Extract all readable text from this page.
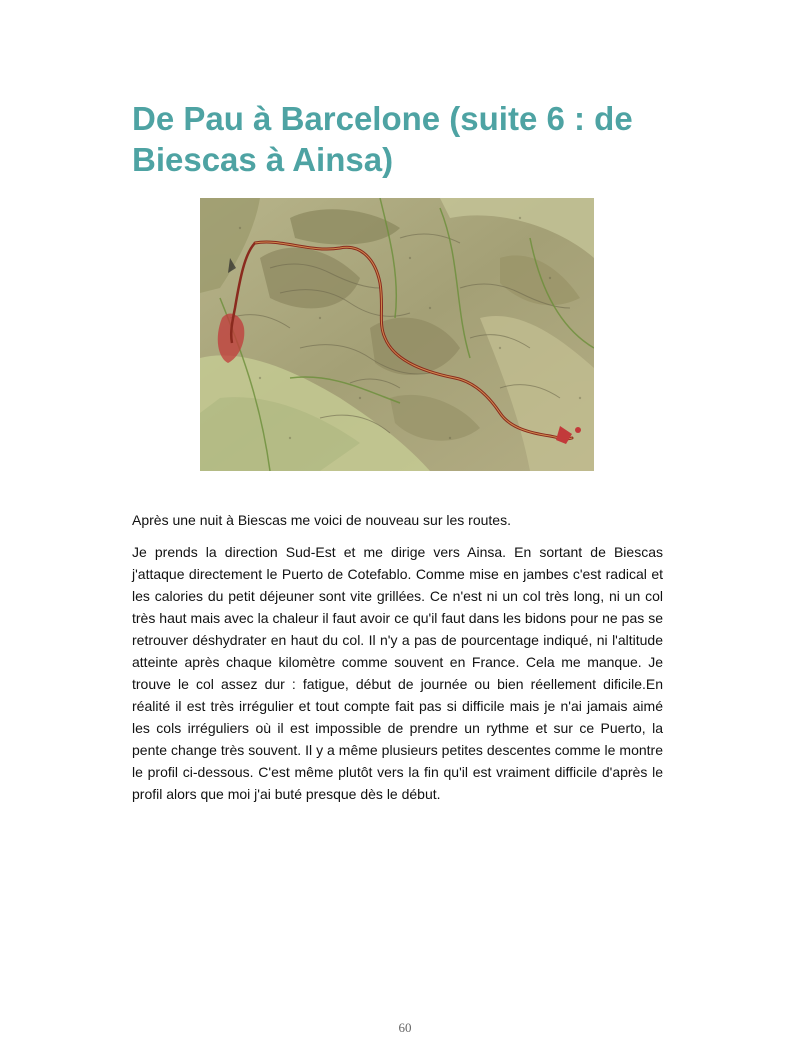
De Pau à Barcelone (suite 6 : de Biescas à Ainsa)

Après une nuit à Biescas me voici de nouveau sur les routes.

Je prends la direction Sud-Est et me dirige vers Ainsa. En sortant de Biescas j'attaque directement le Puerto de Cotefablo. Comme mise en jambes c'est radical et les calories du petit déjeuner sont vite grillées. Ce n'est ni un col très long, ni un col très haut mais avec la chaleur il faut avoir ce qu'il faut dans les bidons pour ne pas se retrouver déshydrater en haut du col. Il n'y a pas de pourcentage indiqué, ni l'altitude atteinte après chaque kilomètre comme souvent en France. Cela me manque. Je trouve le col assez dur : fatigue, début de journée ou bien réellement dificile.En réalité il est très irrégulier et tout compte fait pas si difficile mais je n'ai jamais aimé les cols irréguliers où il est impossible de prendre un rythme et sur ce Puerto, la pente change très souvent. Il y a même plusieurs petites descentes comme le montre le profil ci-dessous. C'est même plutôt vers la fin qu'il est vraiment difficile d'après le profil alors que moi j'ai buté presque dès le début.

60
